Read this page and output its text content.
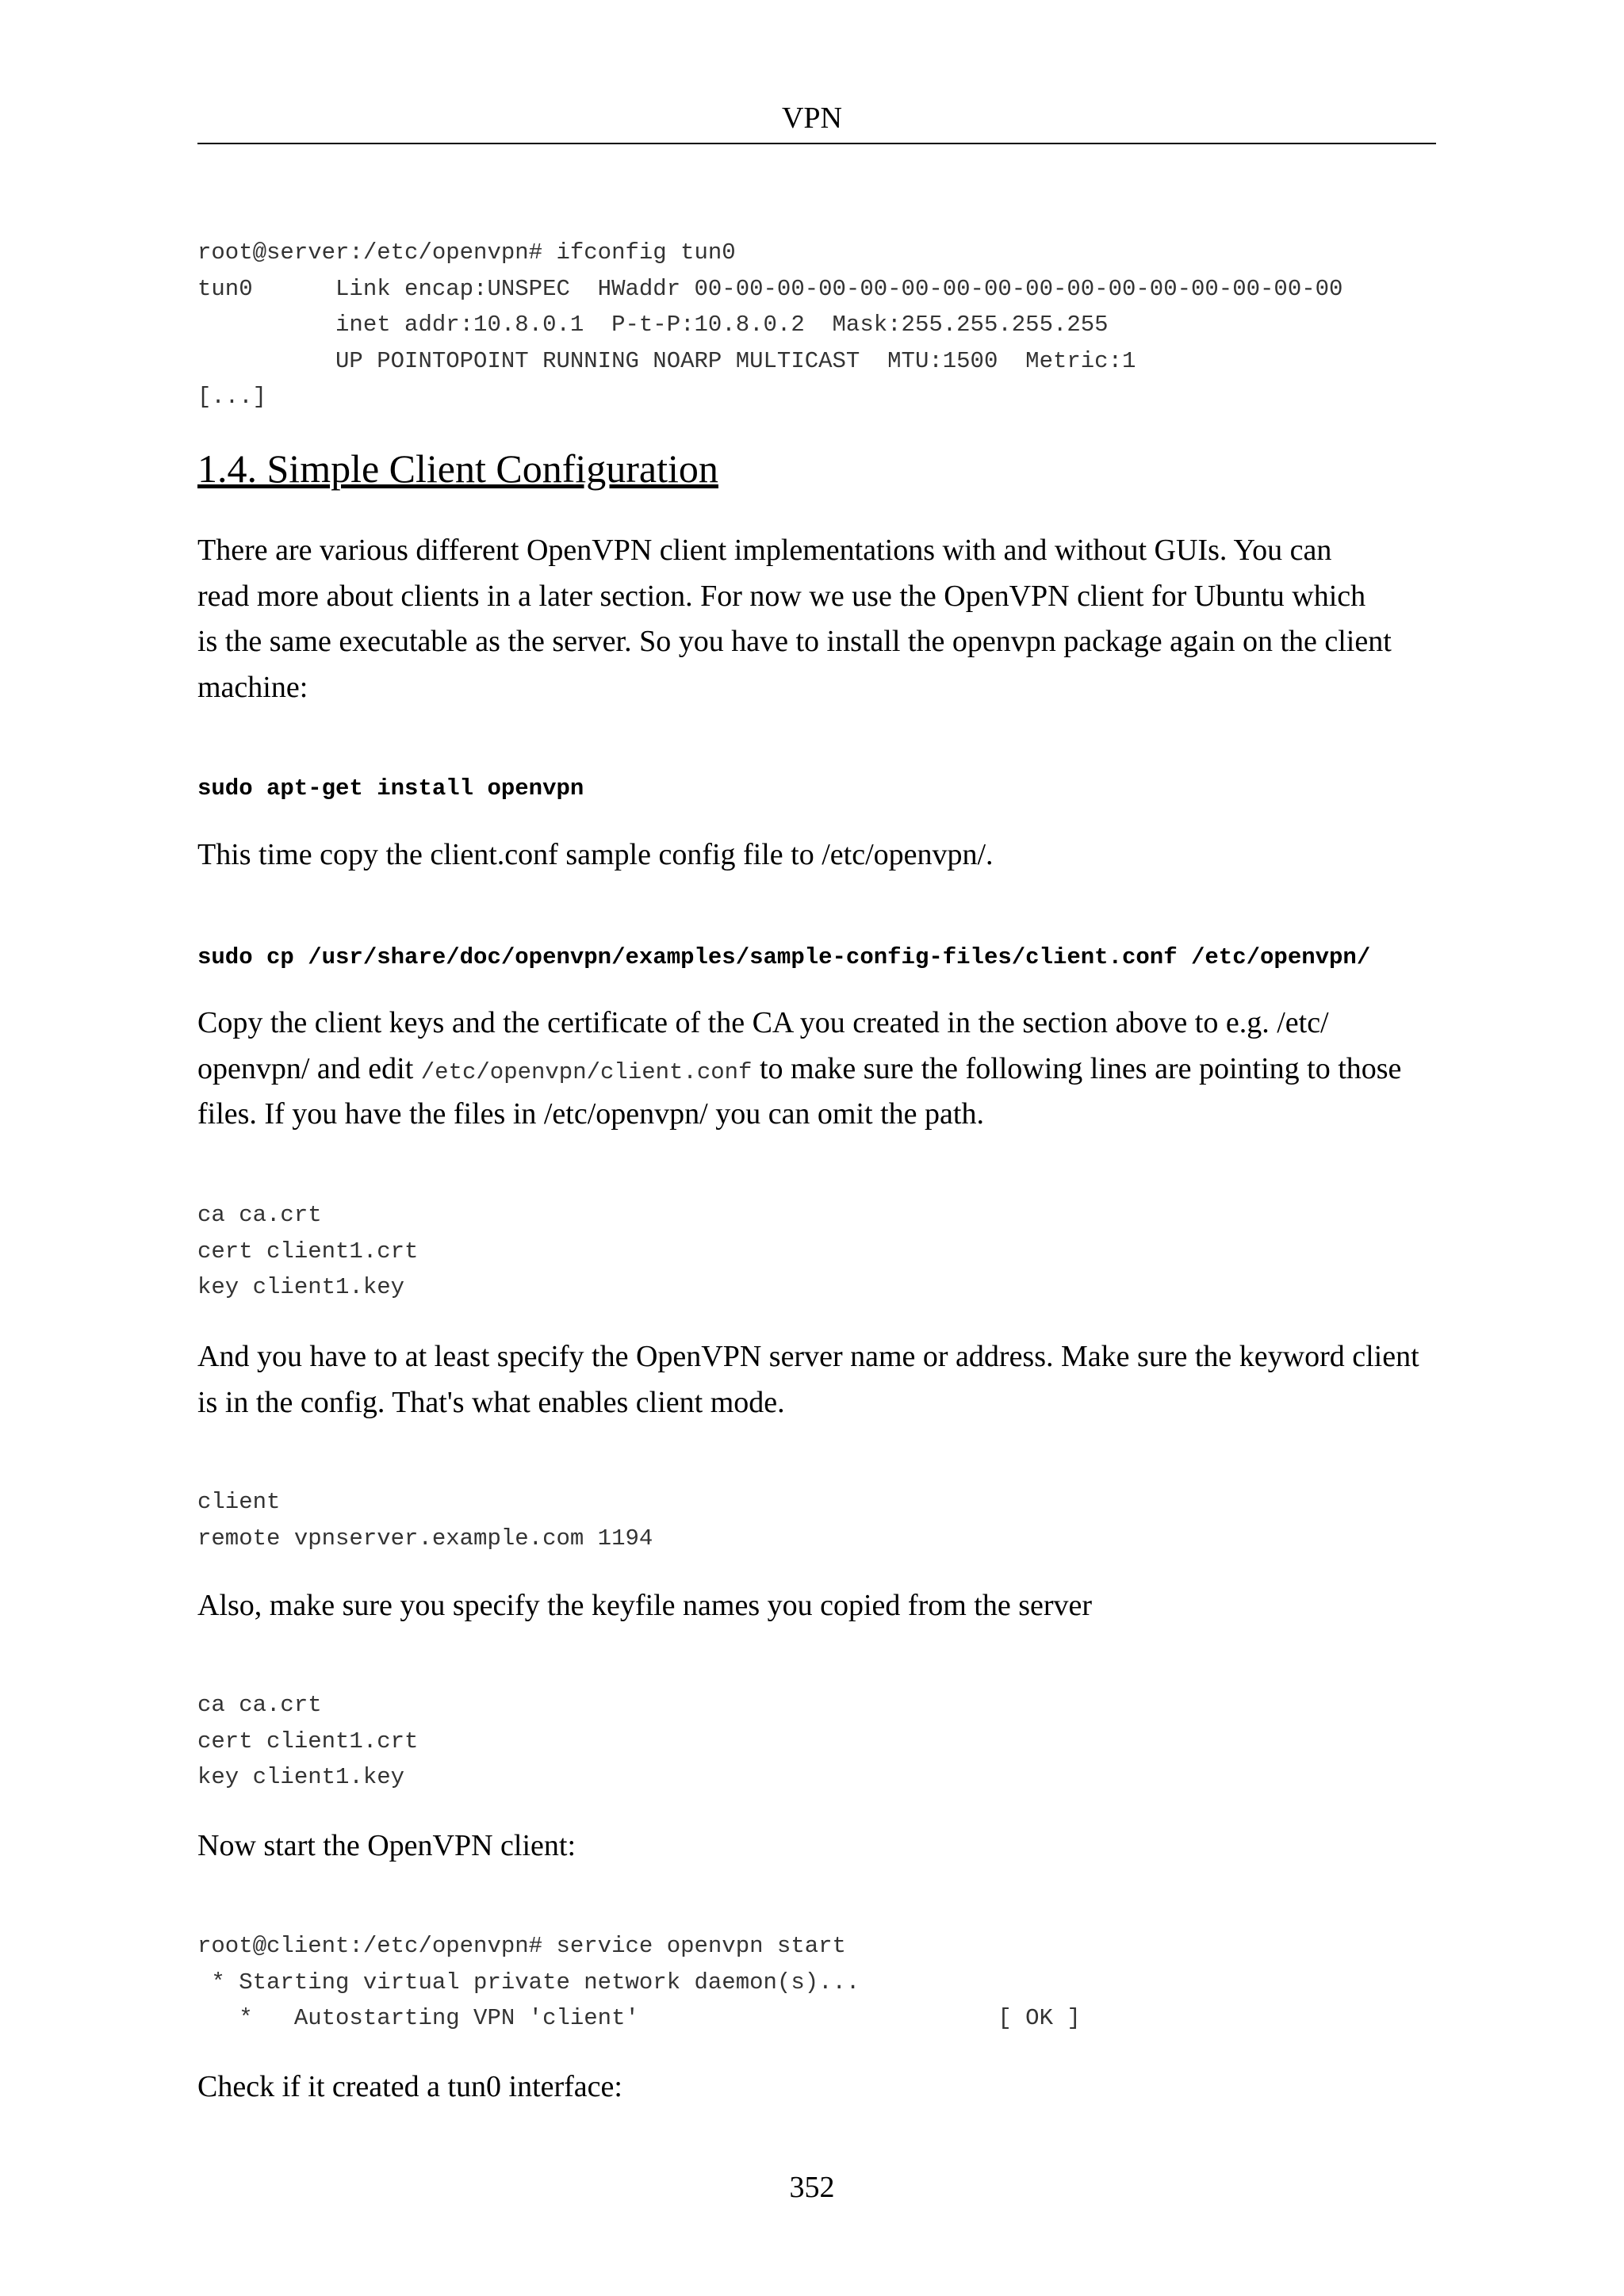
VPN
root@server:/etc/openvpn# ifconfig tun0
tun0      Link encap:UNSPEC  HWaddr 00-00-00-00-00-00-00-00-00-00-00-00-00-00-00-00
inet addr:10.8.0.1  P-t-P:10.8.0.2  Mask:255.255.255.255
UP POINTOPOINT RUNNING NOARP MULTICAST  MTU:1500  Metric:1
[...]
1.4. Simple Client Configuration
There are various different OpenVPN client implementations with and without GUIs. You can
read more about clients in a later section. For now we use the OpenVPN client for Ubuntu which
is the same executable as the server. So you have to install the openvpn package again on the client
machine:
sudo apt-get install openvpn
This time copy the client.conf sample config file to /etc/openvpn/.
sudo cp /usr/share/doc/openvpn/examples/sample-config-files/client.conf /etc/openvpn/
Copy the client keys and the certificate of the CA you created in the section above to e.g. /etc/
openvpn/ and edit /etc/openvpn/client.conf to make sure the following lines are pointing to those
files. If you have the files in /etc/openvpn/ you can omit the path.
ca ca.crt
cert client1.crt
key client1.key
And you have to at least specify the OpenVPN server name or address. Make sure the keyword client
is in the config. That's what enables client mode.
client
remote vpnserver.example.com 1194
Also, make sure you specify the keyfile names you copied from the server
ca ca.crt
cert client1.crt
key client1.key
Now start the OpenVPN client:
root@client:/etc/openvpn# service openvpn start
* Starting virtual private network daemon(s)...
*   Autostarting VPN 'client'                          [ OK ]
Check if it created a tun0 interface:
352
